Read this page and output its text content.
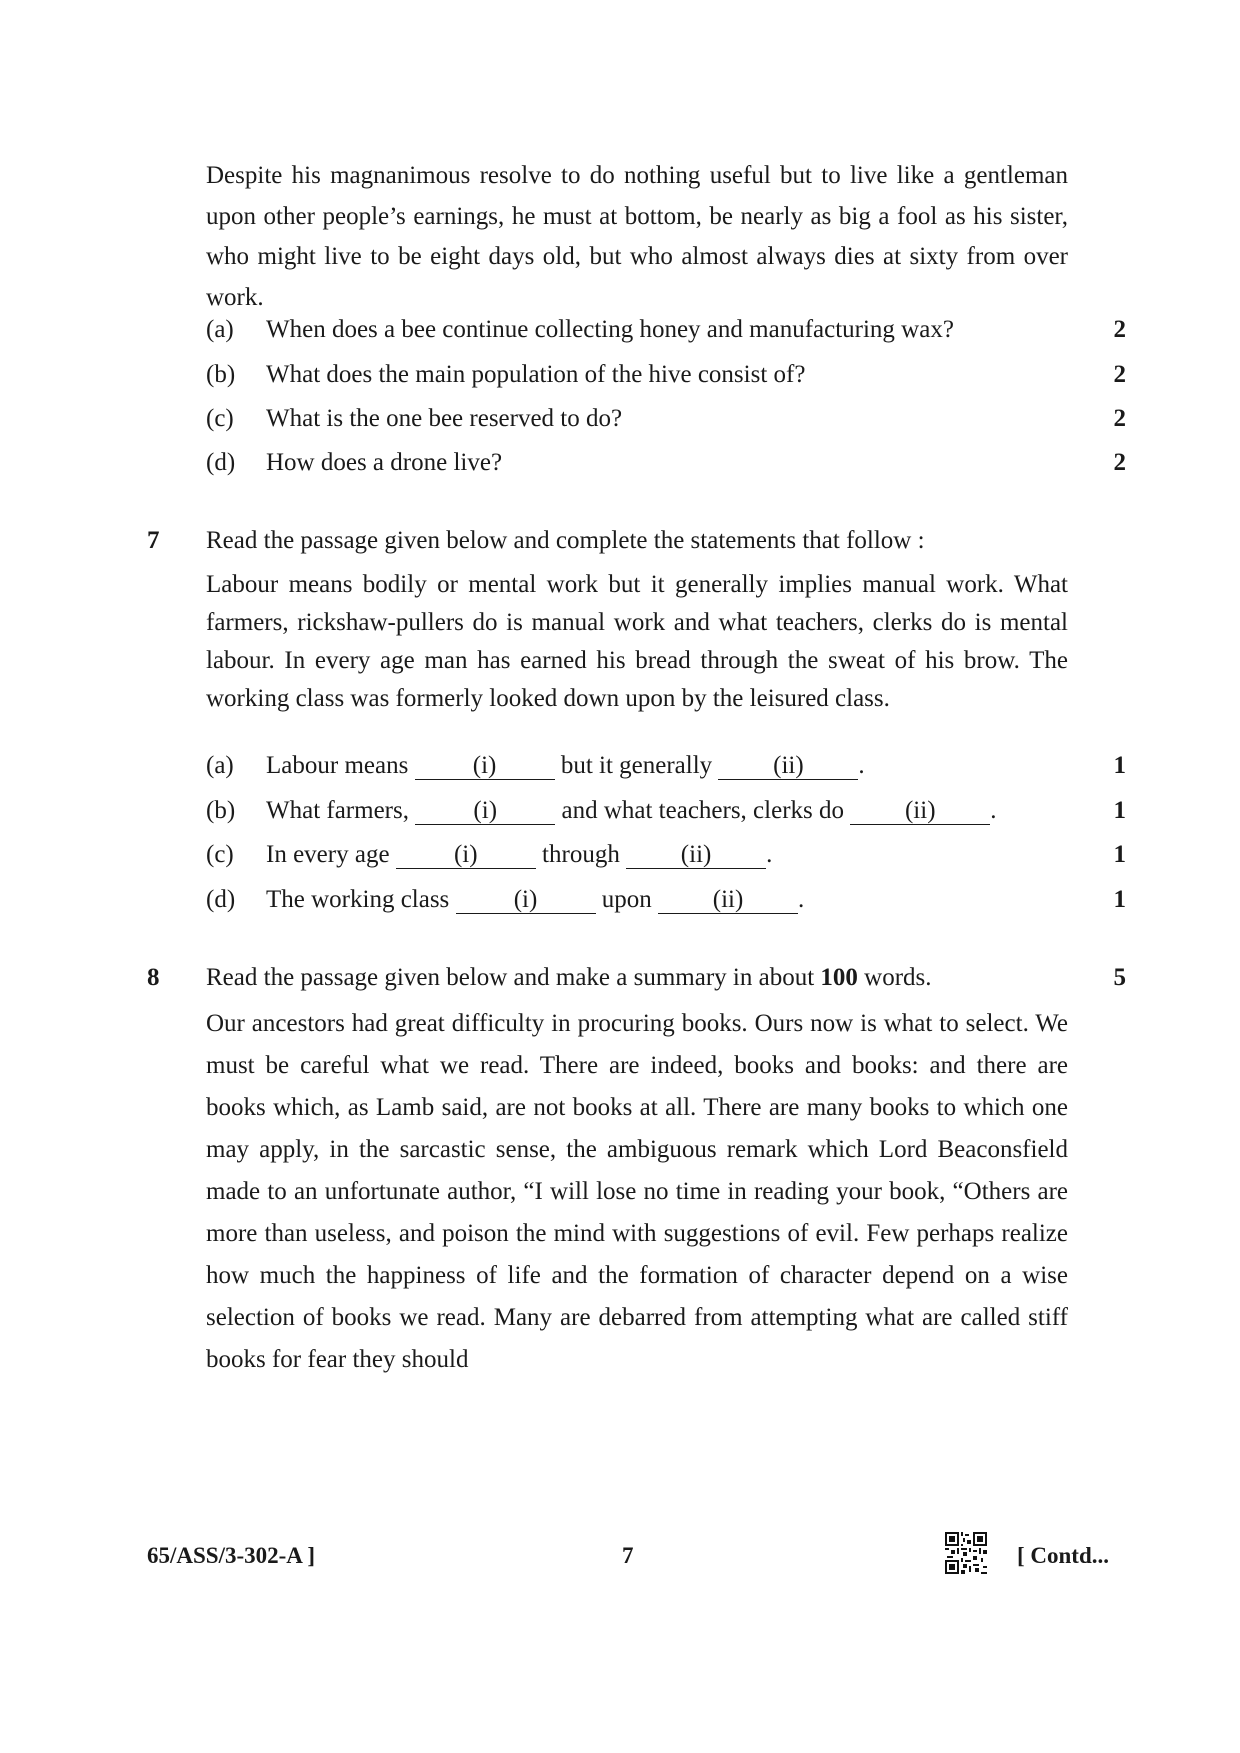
Despite his magnanimous resolve to do nothing useful but to live like a gentleman upon other people’s earnings, he must at bottom, be nearly as big a fool as his sister, who might live to be eight days old, but who almost always dies at sixty from over work.

(a) When does a bee continue collecting honey and manufacturing wax?	2
(b) What does the main population of the hive consist of?	2
(c) What is the one bee reserved to do?	2
(d) How does a drone live?	2
7 Read the passage given below and complete the statements that follow :

Labour means bodily or mental work but it generally implies manual work. What farmers, rickshaw-pullers do is manual work and what teachers, clerks do is mental labour. In every age man has earned his bread through the sweat of his brow. The working class was formerly looked down upon by the leisured class.

(a) Labour means	(i)	but it generally (ii) .	1
(b) What farmers,	(i)	and what teachers, clerks do (ii) .	1
(c) In every age	(i)	through (ii) .	1
(d) The working class	(i)	upon (ii) .	1
8 Read the passage given below and make a summary in about 100 words.	5

Our ancestors had great difficulty in procuring books. Ours now is what to select. We must be careful what we read. There are indeed, books and books: and there are books which, as Lamb said, are not books at all. There are many books to which one may apply, in the sarcastic sense, the ambiguous remark which Lord Beaconsfield made to an unfortunate author, “I will lose no time in reading your book, “Others are more than useless, and poison the mind with suggestions of evil. Few perhaps realize how much the happiness of life and the formation of character depend on a wise selection of books we read. Many are debarred from attempting what are called stiff books for fear they should

65/ASS/3-302-A ]	7	[ Contd...
